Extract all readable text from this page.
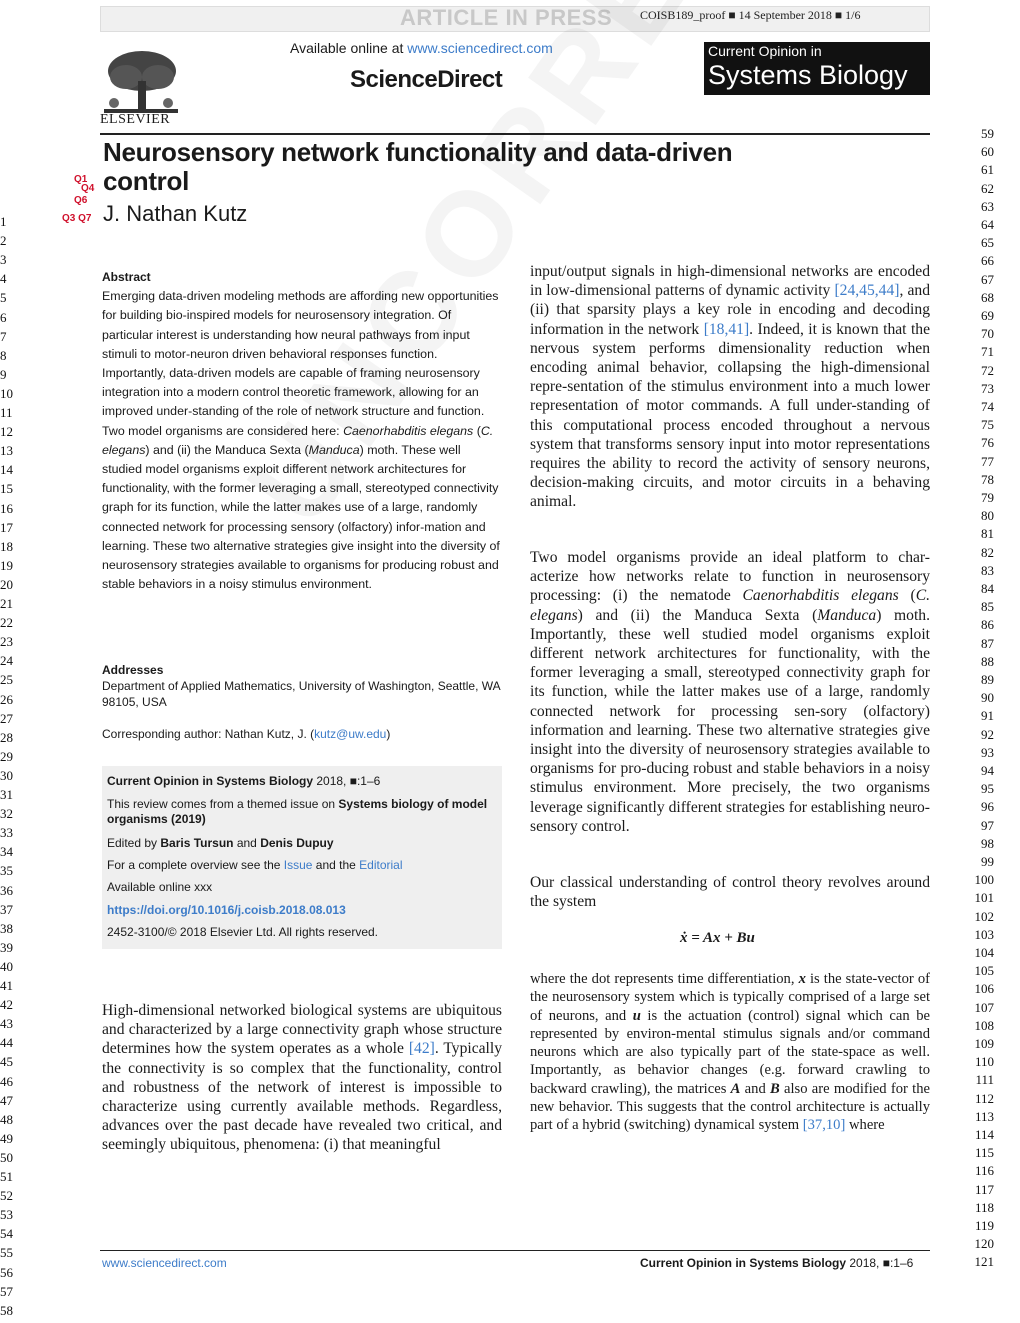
ARTICLE IN PRESS COISB189_proof ■ 14 September 2018 ■ 1/6
ELSEVIER
Available online at www.sciencedirect.com
ScienceDirect
Current Opinion in
Systems Biology
Q1
Q4
Q6
Q3 Q7
Neurosensory network functionality and data-driven control
J. Nathan Kutz
1
2
3
4
5
6
7
8
9
10
11
12
13
14
15
16
17
18
19
20
21
22
23
24
25
26
27
28
29
30
31
32
33
34
35
36
37
38
39
40
41
42
43
44
45
46
47
48
49
50
51
52
53
54
55
56
57
58
59
60
61
62
63
64
65
66
67
68
69
70
71
72
73
74
75
76
77
78
79
80
81
82
83
84
85
86
87
88
89
90
91
92
93
94
95
96
97
98
99
100
101
102
103
104
105
106
107
108
109
110
111
112
113
114
115
116
117
118
119
120
121
Abstract

Emerging data-driven modeling methods are affording new opportunities for building bio-inspired models for neurosensory integration. Of particular interest is understanding how neural pathways from input stimuli to motor-neuron driven behavioral responses function. Importantly, data-driven models are capable of framing neurosensory integration into a modern control theoretic framework, allowing for an improved under-standing of the role of network structure and function. Two model organisms are considered here: Caenorhabditis elegans (C. elegans) and (ii) the Manduca Sexta (Manduca) moth. These well studied model organisms exploit different network architectures for functionality, with the former leveraging a small, stereotyped connectivity graph for its function, while the latter makes use of a large, randomly connected network for processing sensory (olfactory) infor-mation and learning. These two alternative strategies give insight into the diversity of neurosensory strategies available to organisms for producing robust and stable behaviors in a noisy stimulus environment.

Addresses
Department of Applied Mathematics, University of Washington, Seattle, WA 98105, USA
Corresponding author: Nathan Kutz, J. (kutz@uw.edu)
Current Opinion in Systems Biology 2018, ■:1–6
This review comes from a themed issue on Systems biology of model organisms (2019)
Edited by Baris Tursun and Denis Dupuy
For a complete overview see the Issue and the Editorial
Available online xxx
https://doi.org/10.1016/j.coisb.2018.08.013
2452-3100/© 2018 Elsevier Ltd. All rights reserved.
High-dimensional networked biological systems are ubiquitous and characterized by a large connectivity graph whose structure determines how the system operates as a whole [42]. Typically the connectivity is so complex that the functionality, control and robustness of the network of interest is impossible to characterize using currently available methods. Regardless, advances over the past decade have revealed two critical, and seemingly ubiquitous, phenomena: (i) that meaningful
input/output signals in high-dimensional networks are encoded in low-dimensional patterns of dynamic activity [24,45,44], and (ii) that sparsity plays a key role in encoding and decoding information in the network [18,41]. Indeed, it is known that the nervous system performs dimensionality reduction when encoding animal behavior, collapsing the high-dimensional repre-sentation of the stimulus environment into a much lower representation of motor commands. A full under-standing of this computational process encoded throughout a nervous system that transforms sensory input into motor representations requires the ability to record the activity of sensory neurons, decision-making circuits, and motor circuits in a behaving animal.
Two model organisms provide an ideal platform to char-acterize how networks relate to function in neurosensory processing: (i) the nematode Caenorhabditis elegans (C. elegans) and (ii) the Manduca Sexta (Manduca) moth. Importantly, these well studied model organisms exploit different network architectures for functionality, with the former leveraging a small, stereotyped connectivity graph for its function, while the latter makes use of a large, randomly connected network for processing sen-sory (olfactory) information and learning. These two alternative strategies give insight into the diversity of neurosensory strategies available to organisms for pro-ducing robust and stable behaviors in a noisy stimulus environment. More precisely, the two organisms leverage significantly different strategies for establishing neuro-sensory control.
Our classical understanding of control theory revolves around the system
ẋ = Ax + Bu
where the dot represents time differentiation, x is the state-vector of the neurosensory system which is typically comprised of a large set of neurons, and u is the actuation (control) signal which can be represented by environ-mental stimulus signals and/or command neurons which are also typically part of the state-space as well. Importantly, as behavior changes (e.g. forward crawling to backward crawling), the matrices A and B also are modified for the new behavior. This suggests that the control architecture is actually part of a hybrid (switching) dynamical system [37,10] where
www.sciencedirect.com	Current Opinion in Systems Biology 2018, ■:1–6
